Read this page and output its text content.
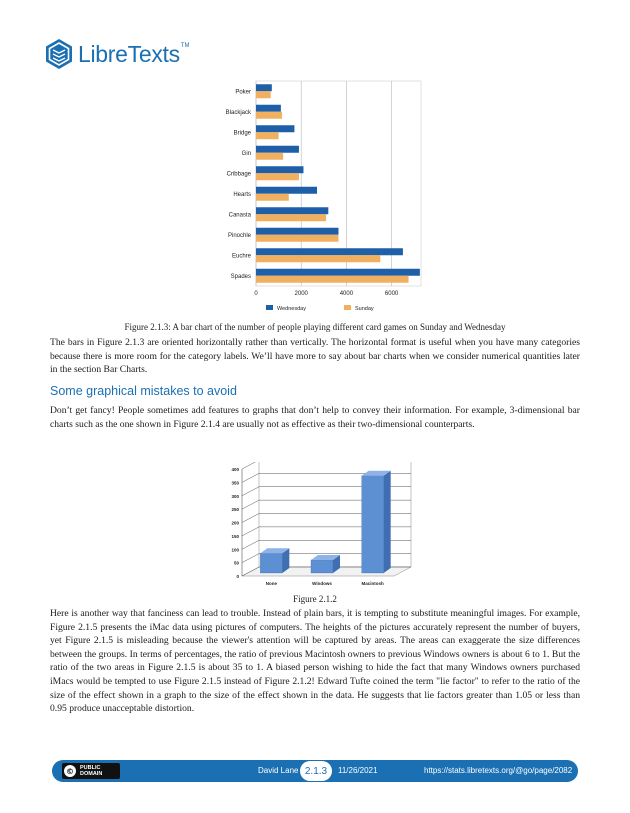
LibreTexts TM
0	2000	4000	6000
Poker
Blackjack
Bridge
Gin
Cribbage
Hearts
Canasta
Pinochle
Euchre
Spades
Wednesday	Sunday
Figure 2.1.3: A bar chart of the number of people playing different card games on Sunday and Wednesday
The bars in Figure 2.1.3 are oriented horizontally rather than vertically. The horizontal format is useful when you have many categories because there is more room for the category labels. We’ll have more to say about bar charts when we consider numerical quantities later in the section Bar Charts.
Some graphical mistakes to avoid
Don’t get fancy! People sometimes add features to graphs that don’t help to convey their information. For example, 3-dimensional bar charts such as the one shown in Figure 2.1.4 are usually not as effective as their two-dimensional counterparts.
0
50
100
150
200
250
300
350
400
None	Windows	Macintosh
Figure 2.1.2
Here is another way that fanciness can lead to trouble. Instead of plain bars, it is tempting to substitute meaningful images. For example, Figure 2.1.5 presents the iMac data using pictures of computers. The heights of the pictures accurately represent the number of buyers, yet Figure 2.1.5 is misleading because the viewer's attention will be captured by areas. The areas can exaggerate the size differences between the groups. In terms of percentages, the ratio of previous Macintosh owners to previous Windows owners is about 6 to 1. But the ratio of the two areas in Figure 2.1.5 is about 35 to 1. A biased person wishing to hide the fact that many Windows owners purchased iMacs would be tempted to use Figure 2.1.5 instead of Figure 2.1.2! Edward Tufte coined the term "lie factor" to refer to the ratio of the size of the effect shown in a graph to the size of the effect shown in the data. He suggests that lie factors greater than 1.05 or less than 0.95 produce unacceptable distortion.
©	PUBLIC
DOMAIN	David Lane 2.1.3	11/26/2021	https://stats.libretexts.org/@go/page/2082
